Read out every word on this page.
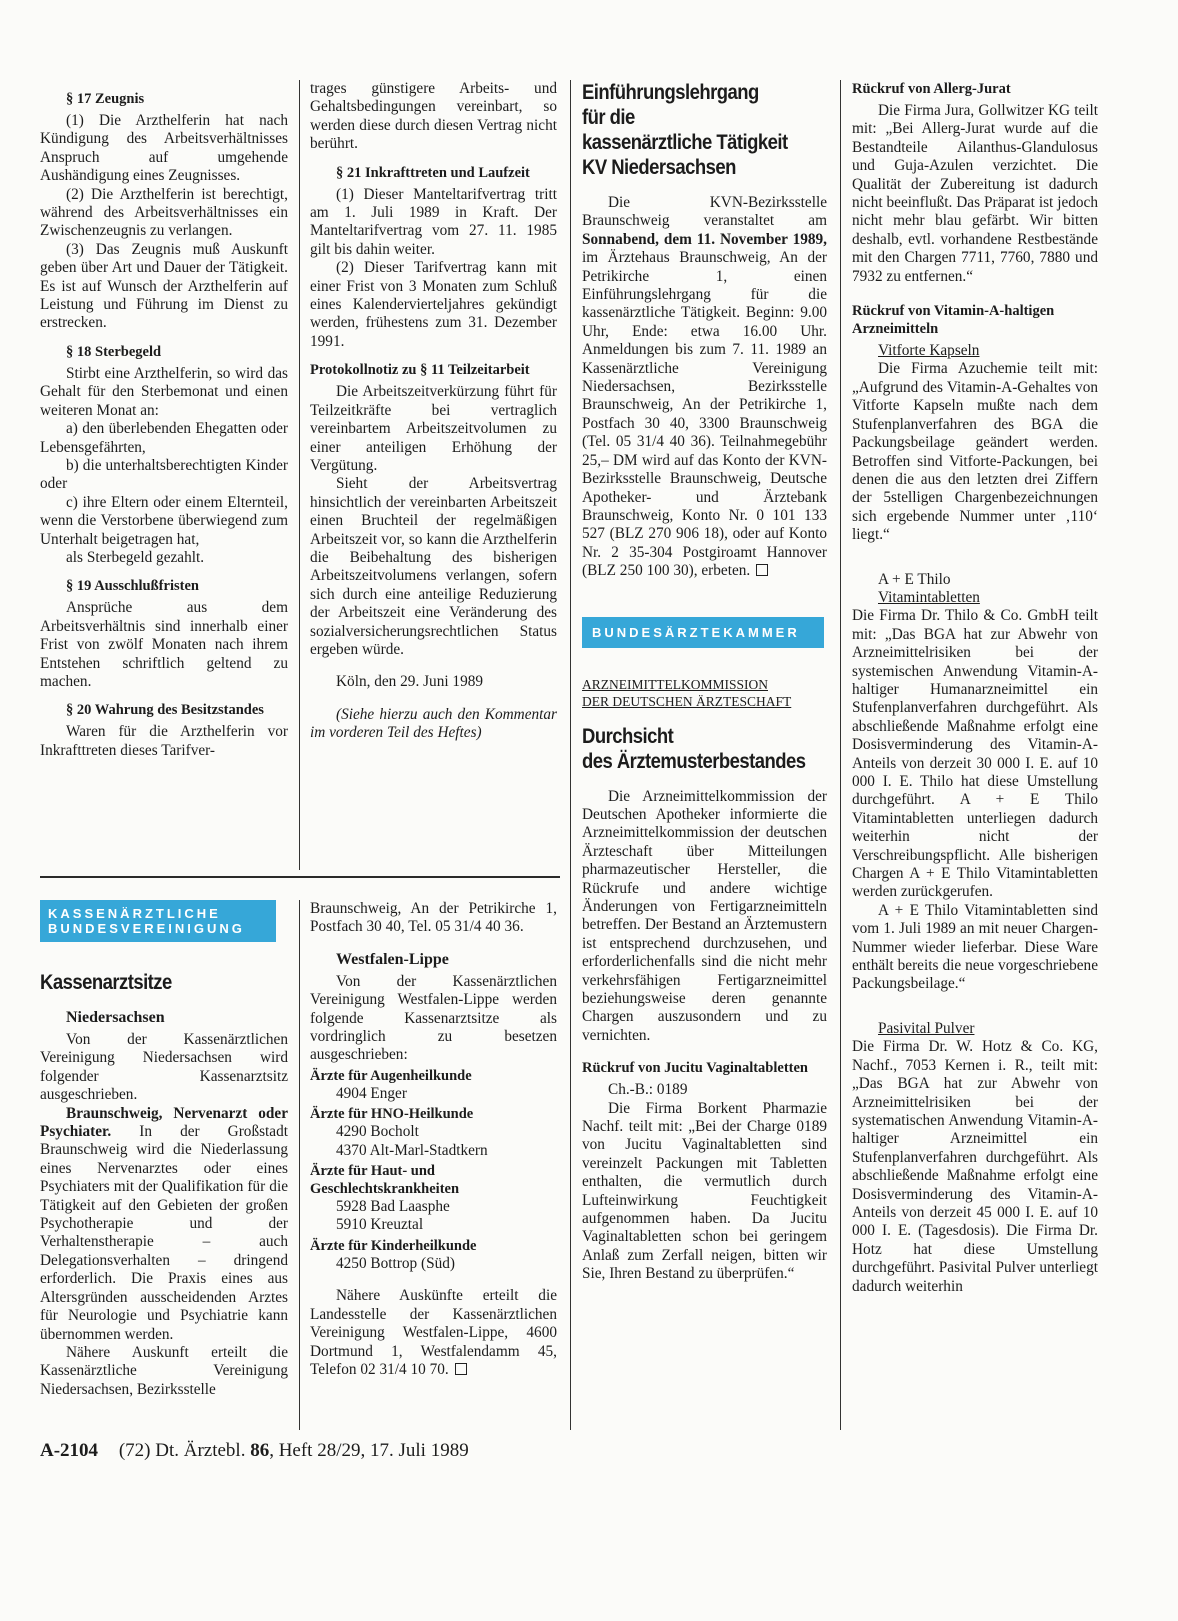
§ 17 Zeugnis

(1) Die Arzthelferin hat nach Kündigung des Arbeitsverhältnisses Anspruch auf umgehende Aushändigung eines Zeugnisses.

(2) Die Arzthelferin ist berechtigt, während des Arbeitsverhältnisses ein Zwischenzeugnis zu verlangen.

(3) Das Zeugnis muß Auskunft geben über Art und Dauer der Tätigkeit. Es ist auf Wunsch der Arzthelferin auf Leistung und Führung im Dienst zu erstrecken.

§ 18 Sterbegeld

Stirbt eine Arzthelferin, so wird das Gehalt für den Sterbemonat und einen weiteren Monat an:

a) den überlebenden Ehegatten oder Lebensgefährten,

b) die unterhaltsberechtigten Kinder oder

c) ihre Eltern oder einem Elternteil, wenn die Verstorbene überwiegend zum Unterhalt beigetragen hat,

als Sterbegeld gezahlt.

§ 19 Ausschlußfristen

Ansprüche aus dem Arbeitsverhältnis sind innerhalb einer Frist von zwölf Monaten nach ihrem Entstehen schriftlich geltend zu machen.

§ 20 Wahrung des Besitzstandes

Waren für die Arzthelferin vor Inkrafttreten dieses Tarifver-

trages günstigere Arbeits- und Gehaltsbedingungen vereinbart, so werden diese durch diesen Vertrag nicht berührt.

§ 21 Inkrafttreten und Laufzeit

(1) Dieser Manteltarifvertrag tritt am 1. Juli 1989 in Kraft. Der Manteltarifvertrag vom 27. 11. 1985 gilt bis dahin weiter.

(2) Dieser Tarifvertrag kann mit einer Frist von 3 Monaten zum Schluß eines Kalendervierteljahres gekündigt werden, frühestens zum 31. Dezember 1991.

Protokollnotiz zu § 11 Teilzeitarbeit

Die Arbeitszeitverkürzung führt für Teilzeitkräfte bei vertraglich vereinbartem Arbeitszeitvolumen zu einer anteiligen Erhöhung der Vergütung.

Sieht der Arbeitsvertrag hinsichtlich der vereinbarten Arbeitszeit einen Bruchteil der regelmäßigen Arbeitszeit vor, so kann die Arzthelferin die Beibehaltung des bisherigen Arbeitszeitvolumens verlangen, sofern sich durch eine anteilige Reduzierung der Arbeitszeit eine Veränderung des sozialversicherungsrechtlichen Status ergeben würde.

Köln, den 29. Juni 1989

(Siehe hierzu auch den Kommentar im vorderen Teil des Heftes)

Einführungslehrgang
für die
kassenärztliche Tätigkeit
KV Niedersachsen

Die KVN-Bezirksstelle Braunschweig veranstaltet am Sonnabend, dem 11. November 1989, im Ärztehaus Braunschweig, An der Petrikirche 1, einen Einführungslehrgang für die kassenärztliche Tätigkeit. Beginn: 9.00 Uhr, Ende: etwa 16.00 Uhr. Anmeldungen bis zum 7. 11. 1989 an Kassenärztliche Vereinigung Niedersachsen, Bezirksstelle Braunschweig, An der Petrikirche 1, Postfach 30 40, 3300 Braunschweig (Tel. 05 31/4 40 36). Teilnahmegebühr 25,– DM wird auf das Konto der KVN-Bezirksstelle Braunschweig, Deutsche Apotheker- und Ärztebank Braunschweig, Konto Nr. 0 101 133 527 (BLZ 270 906 18), oder auf Konto Nr. 2 35-304 Postgiroamt Hannover (BLZ 250 100 30), erbeten.

BUNDESÄRZTEKAMMER
ARZNEIMITTELKOMMISSION
DER DEUTSCHEN ÄRZTESCHAFT
Durchsicht
des Ärztemusterbestandes

Die Arzneimittelkommission der Deutschen Apotheker informierte die Arzneimittelkommission der deutschen Ärzteschaft über Mitteilungen pharmazeutischer Hersteller, die Rückrufe und andere wichtige Änderungen von Fertigarzneimitteln betreffen. Der Bestand an Ärztemustern ist entsprechend durchzusehen, und erforderlichenfalls sind die nicht mehr verkehrsfähigen Fertigarzneimittel beziehungsweise deren genannte Chargen auszusondern und zu vernichten.

Rückruf von Jucitu Vaginaltabletten

Ch.-B.: 0189

Die Firma Borkent Pharmazie Nachf. teilt mit: „Bei der Charge 0189 von Jucitu Vaginaltabletten sind vereinzelt Packungen mit Tabletten enthalten, die vermutlich durch Lufteinwirkung Feuchtigkeit aufgenommen haben. Da Jucitu Vaginaltabletten schon bei geringem Anlaß zum Zerfall neigen, bitten wir Sie, Ihren Bestand zu überprüfen.“

Rückruf von Allerg-Jurat

Die Firma Jura, Gollwitzer KG teilt mit: „Bei Allerg-Jurat wurde auf die Bestandteile Ailanthus-Glandulosus und Guja-Azulen verzichtet. Die Qualität der Zubereitung ist dadurch nicht beeinflußt. Das Präparat ist jedoch nicht mehr blau gefärbt. Wir bitten deshalb, evtl. vorhandene Restbestände mit den Chargen 7711, 7760, 7880 und 7932 zu entfernen.“

Rückruf von Vitamin-A-haltigen Arzneimitteln
Vitforte Kapseln

Die Firma Azuchemie teilt mit: „Aufgrund des Vitamin-A-Gehaltes von Vitforte Kapseln mußte nach dem Stufenplanverfahren des BGA die Packungsbeilage geändert werden. Betroffen sind Vitforte-Packungen, bei denen die aus den letzten drei Ziffern der 5stelligen Chargenbezeichnungen sich ergebende Nummer unter ‚110‘ liegt.“

A + E Thilo
Vitamintabletten

Die Firma Dr. Thilo & Co. GmbH teilt mit: „Das BGA hat zur Abwehr von Arzneimittelrisiken bei der systemischen Anwendung Vitamin-A-haltiger Humanarzneimittel ein Stufenplanverfahren durchgeführt. Als abschließende Maßnahme erfolgt eine Dosisverminderung des Vitamin-A-Anteils von derzeit 30 000 I. E. auf 10 000 I. E. Thilo hat diese Umstellung durchgeführt. A + E Thilo Vitamintabletten unterliegen dadurch weiterhin nicht der Verschreibungspflicht. Alle bisherigen Chargen A + E Thilo Vitamintabletten werden zurückgerufen.

A + E Thilo Vitamintabletten sind vom 1. Juli 1989 an mit neuer Chargen-Nummer wieder lieferbar. Diese Ware enthält bereits die neue vorgeschriebene Packungsbeilage.“

Pasivital Pulver

Die Firma Dr. W. Hotz & Co. KG, Nachf., 7053 Kernen i. R., teilt mit: „Das BGA hat zur Abwehr von Arzneimittelrisiken bei der systematischen Anwendung Vitamin-A-haltiger Arzneimittel ein Stufenplanverfahren durchgeführt. Als abschließende Maßnahme erfolgt eine Dosisverminderung des Vitamin-A-Anteils von derzeit 45 000 I. E. auf 10 000 I. E. (Tagesdosis). Die Firma Dr. Hotz hat diese Umstellung durchgeführt. Pasivital Pulver unterliegt dadurch weiterhin

KASSENÄRZTLICHE
BUNDESVEREINIGUNG
Kassenarztsitze
Niedersachsen

Von der Kassenärztlichen Vereinigung Niedersachsen wird folgender Kassenarztsitz ausgeschrieben.

Braunschweig, Nervenarzt oder Psychiater. In der Großstadt Braunschweig wird die Niederlassung eines Nervenarztes oder eines Psychiaters mit der Qualifikation für die Tätigkeit auf den Gebieten der großen Psychotherapie und der Verhaltenstherapie – auch Delegationsverhalten – dringend erforderlich. Die Praxis eines aus Altersgründen ausscheidenden Arztes für Neurologie und Psychiatrie kann übernommen werden.

Nähere Auskunft erteilt die Kassenärztliche Vereinigung Niedersachsen, Bezirksstelle

Braunschweig, An der Petrikirche 1, Postfach 30 40, Tel. 05 31/4 40 36.

Westfalen-Lippe

Von der Kassenärztlichen Vereinigung Westfalen-Lippe werden folgende Kassenarztsitze als vordringlich zu besetzen ausgeschrieben:

Ärzte für Augenheilkunde
4904 Enger
Ärzte für HNO-Heilkunde
4290 Bocholt
4370 Alt-Marl-Stadtkern
Ärzte für Haut- und Geschlechtskrankheiten
5928 Bad Laasphe
5910 Kreuztal
Ärzte für Kinderheilkunde
4250 Bottrop (Süd)

Nähere Auskünfte erteilt die Landesstelle der Kassenärztlichen Vereinigung Westfalen-Lippe, 4600 Dortmund 1, Westfalendamm 45, Telefon 02 31/4 10 70.

A-2104 (72) Dt. Ärztebl. 86, Heft 28/29, 17. Juli 1989
